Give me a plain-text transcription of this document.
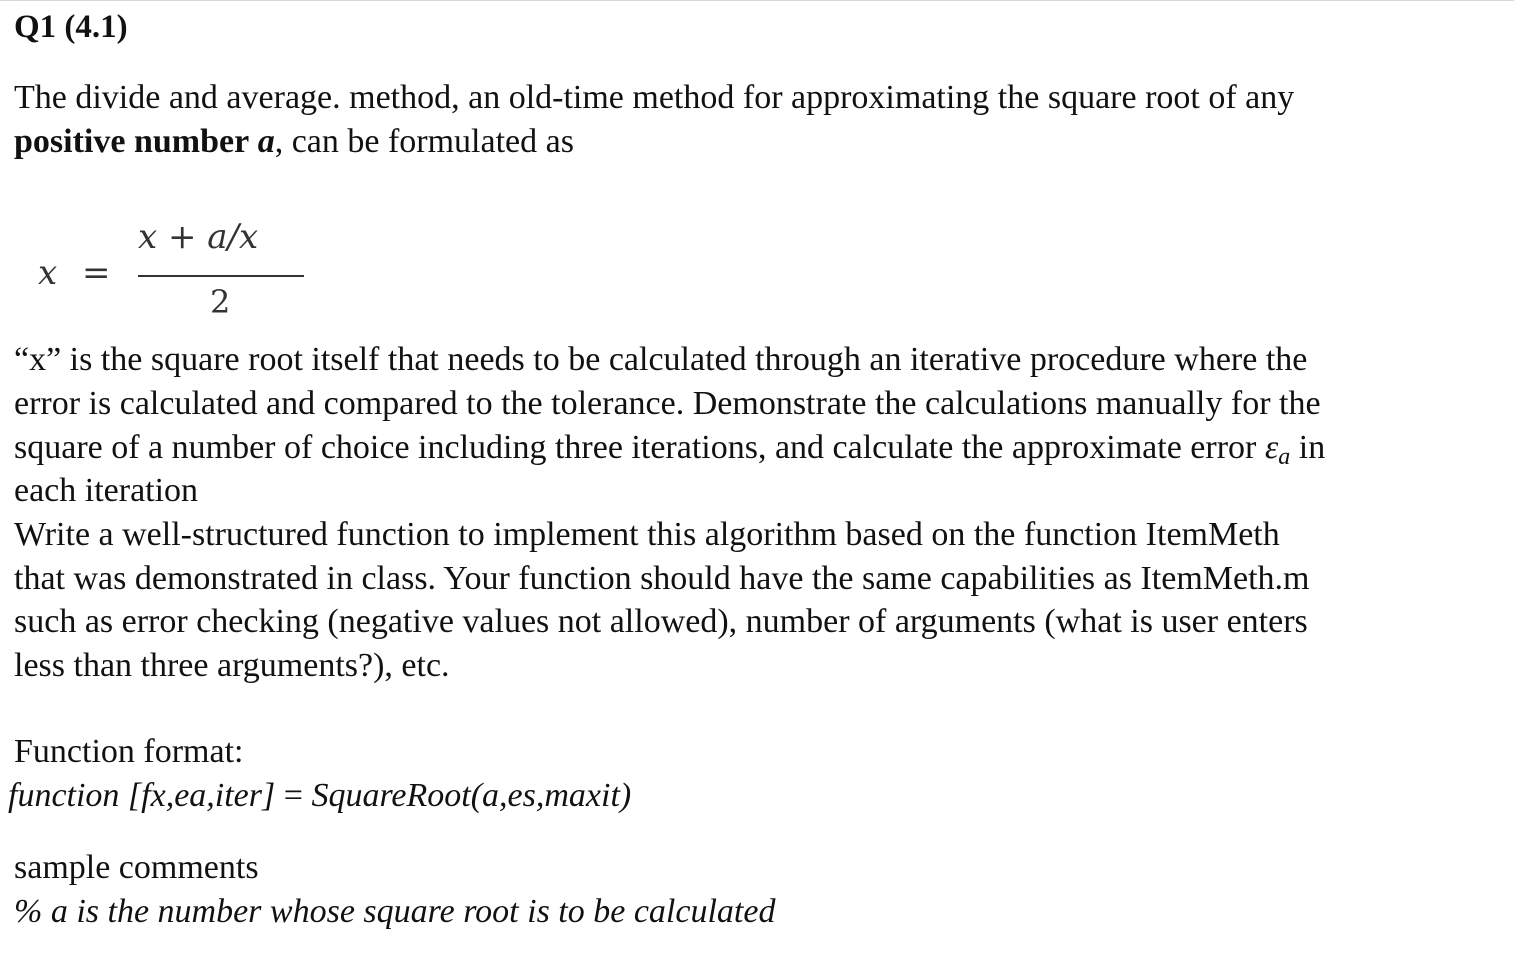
Q1 (4.1)
The divide and average. method, an old-time method for approximating the square root of any
positive number a, can be formulated as
x =
x + a/x
2
“x” is the square root itself that needs to be calculated through an iterative procedure where the
error is calculated and compared to the tolerance. Demonstrate the calculations manually for the
square of a number of choice including three iterations, and calculate the approximate error $\varepsilon_a$ in
each iteration
Write a well-structured function to implement this algorithm based on the function ItemMeth
that was demonstrated in class. Your function should have the same capabilities as ItemMeth.m
such as error checking (negative values not allowed), number of arguments (what is user enters
less than three arguments?), etc.
Function format:
function [fx,ea,iter] = SquareRoot(a,es,maxit)
sample comments
% a is the number whose square root is to be calculated
